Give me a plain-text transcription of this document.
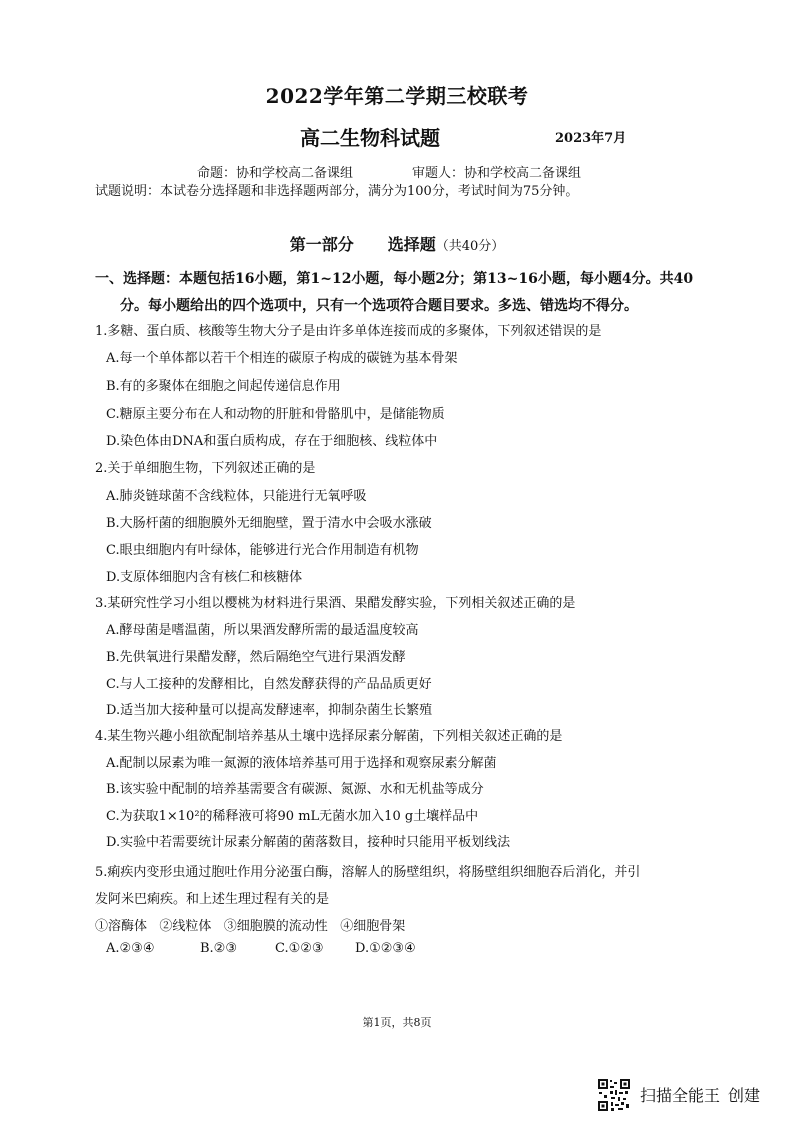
2022学年第二学期三校联考
高二生物科试题	2023年7月
命题：协和学校高二备课组	审题人：协和学校高二备课组
试题说明：本试卷分选择题和非选择题两部分，满分为100分，考试时间为75分钟。
第一部分 选择题（共40分）
一、选择题：本题包括16小题，第1~12小题，每小题2分；第13~16小题，每小题4分。共40
分。每小题给出的四个选项中，只有一个选项符合题目要求。多选、错选均不得分。
1.多糖、蛋白质、核酸等生物大分子是由许多单体连接而成的多聚体，下列叙述错误的是
A.每一个单体都以若干个相连的碳原子构成的碳链为基本骨架
B.有的多聚体在细胞之间起传递信息作用
C.糖原主要分布在人和动物的肝脏和骨骼肌中，是储能物质
D.染色体由DNA和蛋白质构成，存在于细胞核、线粒体中
2.关于单细胞生物，下列叙述正确的是
A.肺炎链球菌不含线粒体，只能进行无氧呼吸
B.大肠杆菌的细胞膜外无细胞壁，置于清水中会吸水涨破
C.眼虫细胞内有叶绿体，能够进行光合作用制造有机物
D.支原体细胞内含有核仁和核糖体
3.某研究性学习小组以樱桃为材料进行果酒、果醋发酵实验，下列相关叙述正确的是
A.酵母菌是嗜温菌，所以果酒发酵所需的最适温度较高
B.先供氧进行果醋发酵，然后隔绝空气进行果酒发酵
C.与人工接种的发酵相比，自然发酵获得的产品品质更好
D.适当加大接种量可以提高发酵速率，抑制杂菌生长繁殖
4.某生物兴趣小组欲配制培养基从土壤中选择尿素分解菌，下列相关叙述正确的是
A.配制以尿素为唯一氮源的液体培养基可用于选择和观察尿素分解菌
B.该实验中配制的培养基需要含有碳源、氮源、水和无机盐等成分
C.为获取1×10²的稀释液可将90 mL无菌水加入10 g土壤样品中
D.实验中若需要统计尿素分解菌的菌落数目，接种时只能用平板划线法
5.痢疾内变形虫通过胞吐作用分泌蛋白酶，溶解人的肠壁组织，将肠壁组织细胞吞后消化，并引
发阿米巴痢疾。和上述生理过程有关的是
①溶酶体   ②线粒体   ③细胞膜的流动性   ④细胞骨架
A.②③④	B.②③	C.①②③ D.①②③④
第1页，共8页
扫描全能王 创建
